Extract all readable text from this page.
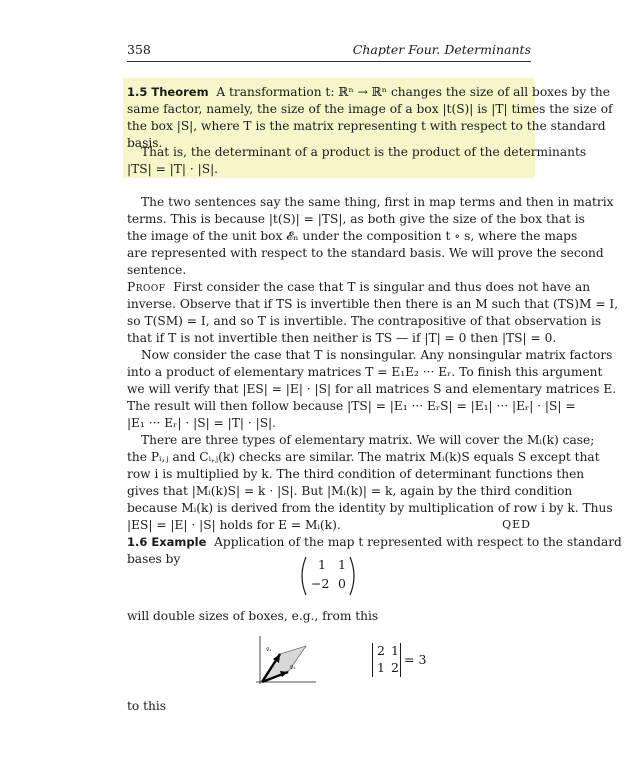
358	Chapter Four. Determinants
1.5 Theorem A transformation t: ℝⁿ → ℝⁿ changes the size of all boxes by the
same factor, namely, the size of the image of a box |t(S)| is |T| times the size of
the box |S|, where T is the matrix representing t with respect to the standard
basis.
That is, the determinant of a product is the product of the determinants
|TS| = |T| · |S|.
The two sentences say the same thing, first in map terms and then in matrix
terms. This is because |t(S)| = |TS|, as both give the size of the box that is
the image of the unit box 𝓔ₙ under the composition t ∘ s, where the maps
are represented with respect to the standard basis. We will prove the second
sentence.
Proof First consider the case that T is singular and thus does not have an
inverse. Observe that if TS is invertible then there is an M such that (TS)M = I,
so T(SM) = I, and so T is invertible. The contrapositive of that observation is
that if T is not invertible then neither is TS — if |T| = 0 then |TS| = 0.
Now consider the case that T is nonsingular. Any nonsingular matrix factors
into a product of elementary matrices T = E₁E₂ ··· Eᵣ. To finish this argument
we will verify that |ES| = |E| · |S| for all matrices S and elementary matrices E.
The result will then follow because |TS| = |E₁ ··· EᵣS| = |E₁| ··· |Eᵣ| · |S| =
|E₁ ··· Eᵣ| · |S| = |T| · |S|.
There are three types of elementary matrix. We will cover the Mᵢ(k) case;
the Pᵢ,ⱼ and Cᵢ,ⱼ(k) checks are similar. The matrix Mᵢ(k)S equals S except that
row i is multiplied by k. The third condition of determinant functions then
gives that |Mᵢ(k)S| = k · |S|. But |Mᵢ(k)| = k, again by the third condition
because Mᵢ(k) is derived from the identity by multiplication of row i by k. Thus
|ES| = |E| · |S| holds for E = Mᵢ(k).	QED
1.6 Example Application of the map t represented with respect to the standard
bases by	1 1
−2 0
will double sizes of boxes, e.g., from this
v⃗₁
v⃗₂
2 1
1 2
= 3
to this
